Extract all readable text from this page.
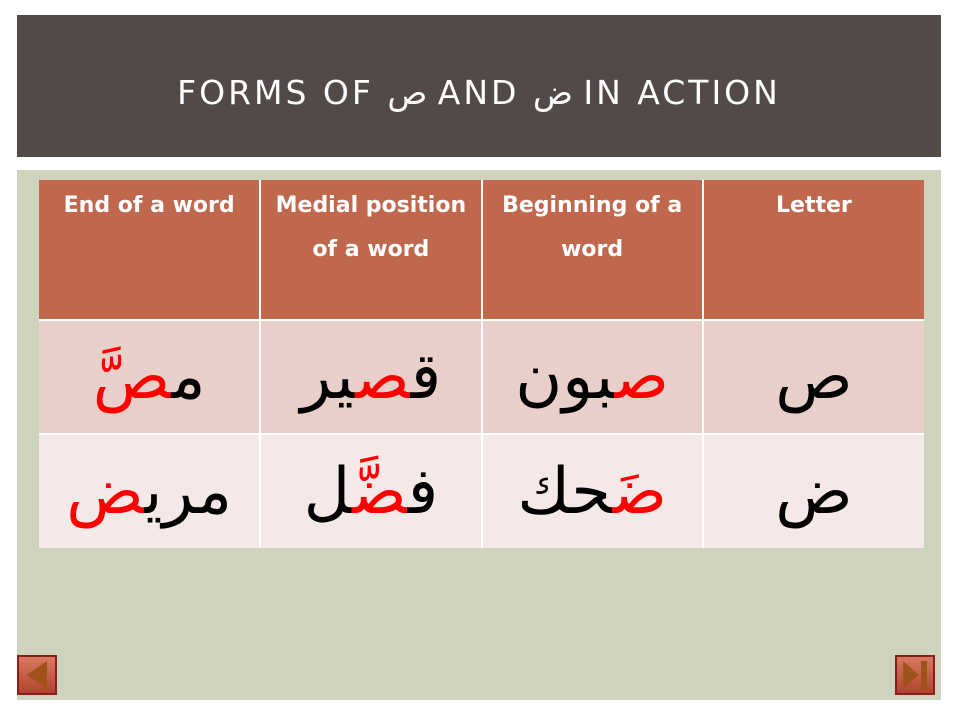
FORMS OF ص AND ض IN ACTION
End of a word	Medial position of a word	Beginning of a word	Letter
مصَّ	قصير	صبون	ص
مريض	فضَّل	ضَحك	ض
